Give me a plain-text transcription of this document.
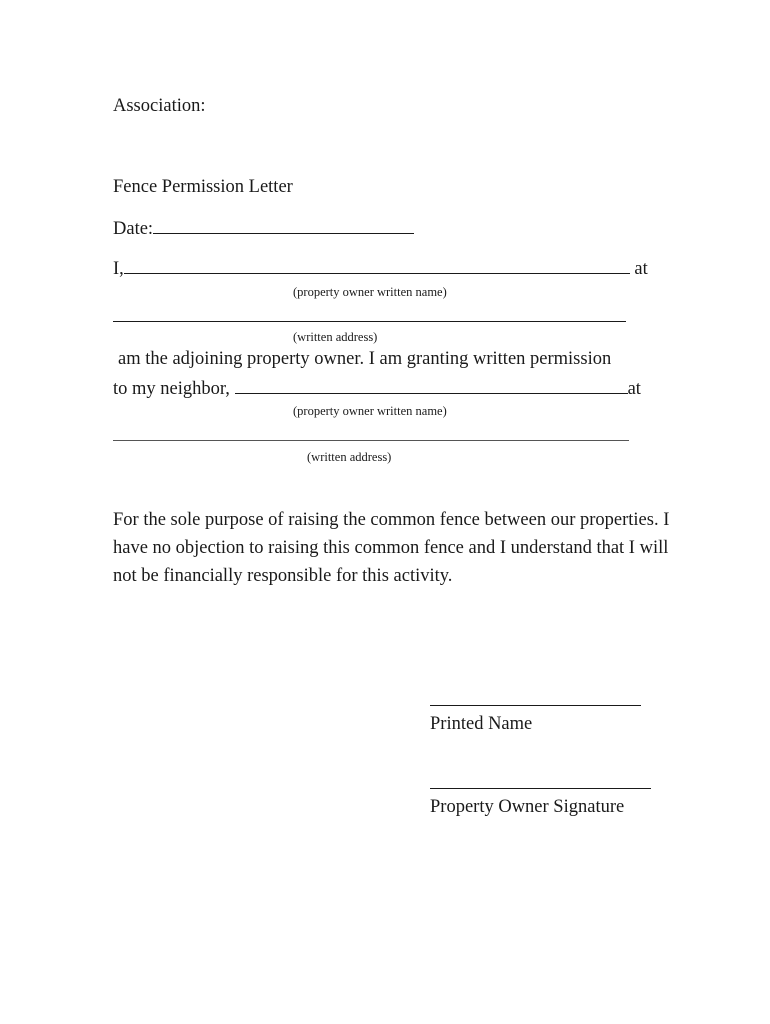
Association:
Fence Permission Letter
Date:
I,	at
(property owner written name)
(written address)
am the adjoining property owner. I am granting written permission
to my neighbor,	at
(property owner written name)
(written address)
For the sole purpose of raising the common fence between our properties. I have no objection to raising this common fence and I understand that I will not be financially responsible for this activity.
Printed Name
Property Owner Signature
